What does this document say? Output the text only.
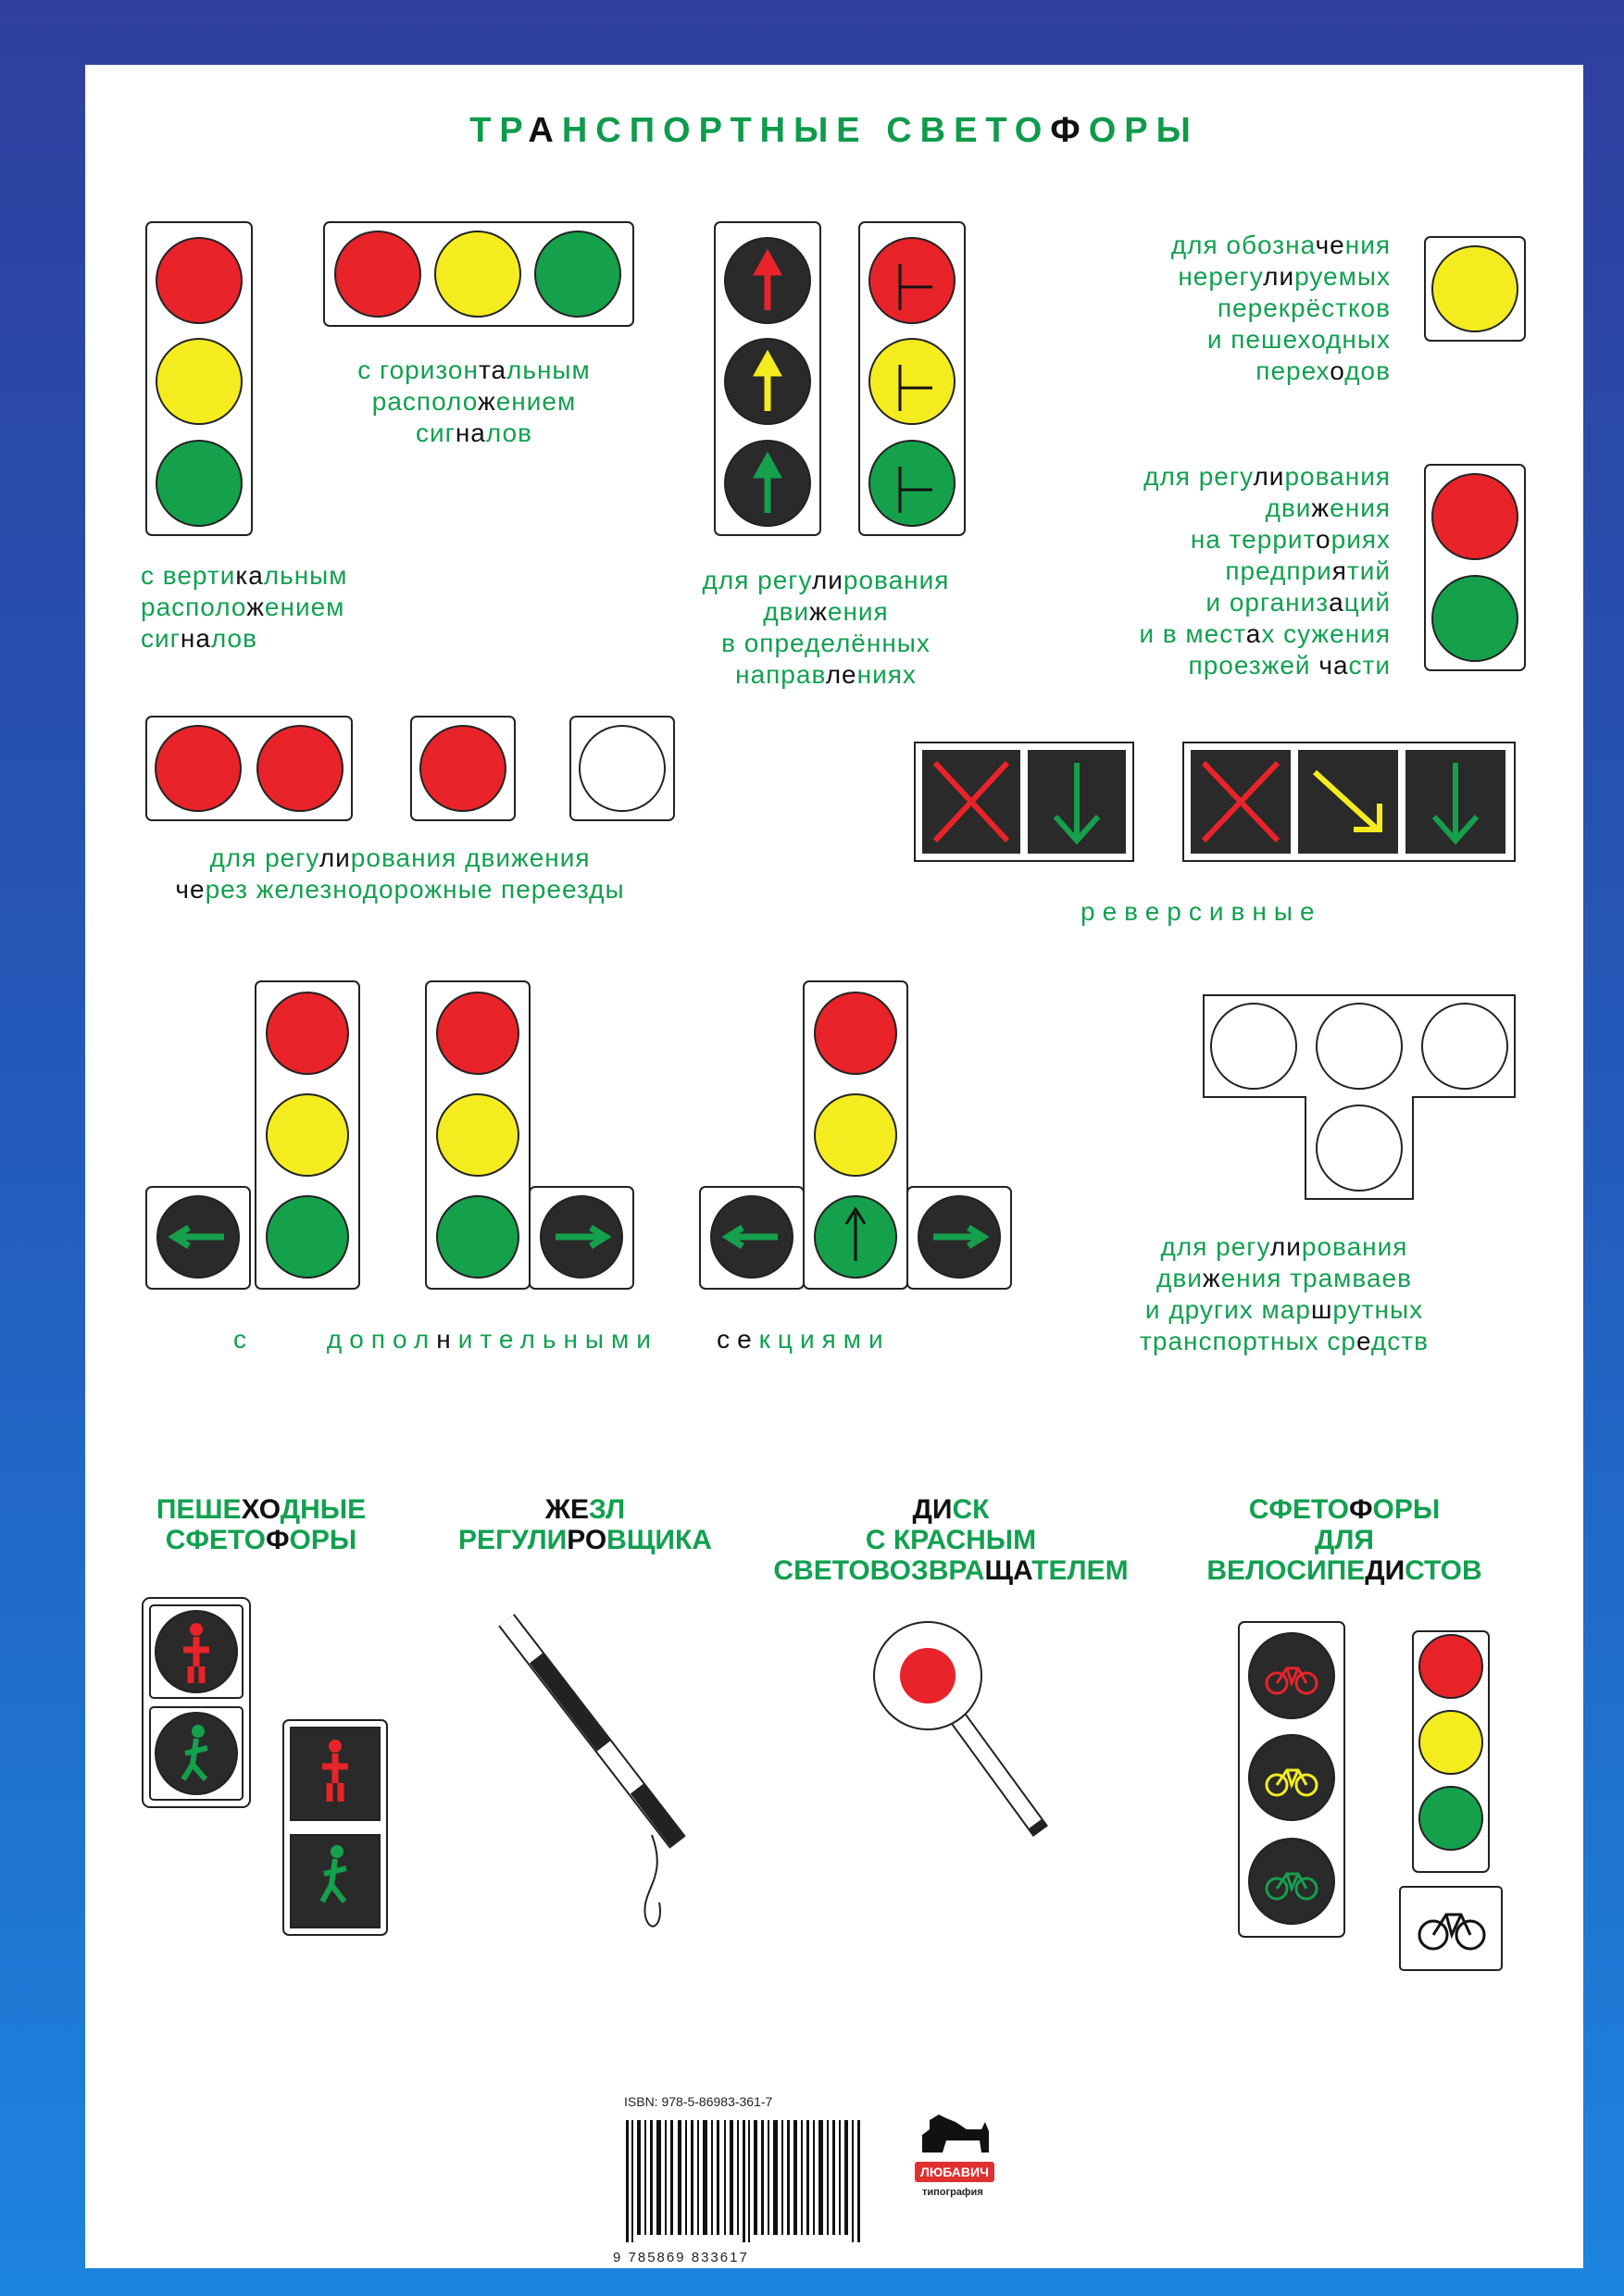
ТРАНСПОРТНЫЕ СВЕТОФОРЫ
с вертикальным
расположением
сигналов
с горизонтальным
расположением
сигналов
для регулирования
движения
в определённых
направлениях
для обозначения
нерегулируемых
перекрёстков
и пешеходных
переходов
для регулирования
движения
на территориях
предприятий
и организаций
и в местах сужения
проезжей части
для регулирования движения
через железнодорожные переезды
реверсивные
с	дополнительными секциями
для регулирования
движения трамваев
и других маршрутных
транспортных средств
ПЕШЕХОДНЫЕ
СФЕТОФОРЫ
ЖЕЗЛ
РЕГУЛИРОВЩИКА
ДИСК
С КРАСНЫМ
СВЕТОВОЗВРАЩАТЕЛЕМ
СФЕТОФОРЫ
ДЛЯ
ВЕЛОСИПЕДИСТОВ
ISBN: 978-5-86983-361-7
9 785869 833617
ЛЮБАВИЧ
типография
